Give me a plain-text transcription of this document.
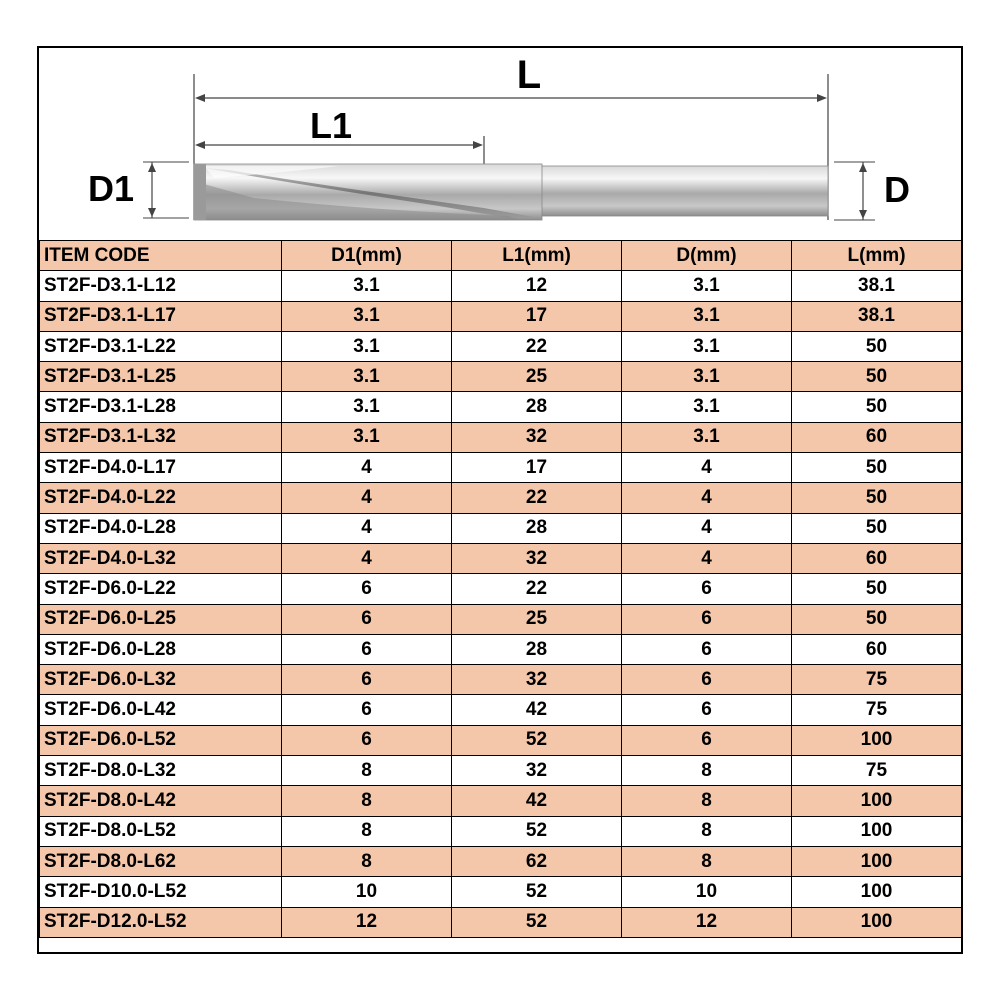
L
L1
D1	D
ITEM CODE	D1(mm)	L1(mm)	D(mm)	L(mm)
ST2F-D3.1-L12	3.1	12	3.1	38.1
ST2F-D3.1-L17	3.1	17	3.1	38.1
ST2F-D3.1-L22	3.1	22	3.1	50
ST2F-D3.1-L25	3.1	25	3.1	50
ST2F-D3.1-L28	3.1	28	3.1	50
ST2F-D3.1-L32	3.1	32	3.1	60
ST2F-D4.0-L17	4	17	4	50
ST2F-D4.0-L22	4	22	4	50
ST2F-D4.0-L28	4	28	4	50
ST2F-D4.0-L32	4	32	4	60
ST2F-D6.0-L22	6	22	6	50
ST2F-D6.0-L25	6	25	6	50
ST2F-D6.0-L28	6	28	6	60
ST2F-D6.0-L32	6	32	6	75
ST2F-D6.0-L42	6	42	6	75
ST2F-D6.0-L52	6	52	6	100
ST2F-D8.0-L32	8	32	8	75
ST2F-D8.0-L42	8	42	8	100
ST2F-D8.0-L52	8	52	8	100
ST2F-D8.0-L62	8	62	8	100
ST2F-D10.0-L52	10	52	10	100
ST2F-D12.0-L52	12	52	12	100
